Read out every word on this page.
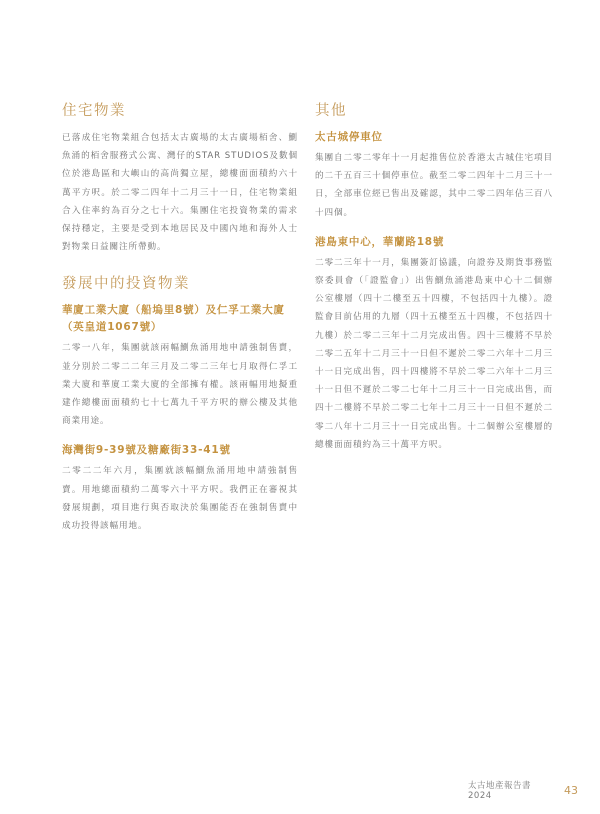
住宅物業

已落成住宅物業組合包括太古廣場的太古廣場栢舍、鰂魚涌的栢舍服務式公寓、灣仔的STAR STUDIOS及數個位於港島區和大嶼山的高尚獨立屋，總樓面面積約六十萬平方呎。於二零二四年十二月三十一日，住宅物業組合入住率約為百分之七十六。集團住宅投資物業的需求保持穩定，主要是受到本地居民及中國內地和海外人士對物業日益關注所帶動。

發展中的投資物業
華廈工業大廈（船塢里8號）及仁孚工業大廈（英皇道1067號）

二零一八年，集團就該兩幅鰂魚涌用地申請強制售賣，並分別於二零二二年三月及二零二三年七月取得仁孚工業大廈和華廈工業大廈的全部擁有權。該兩幅用地擬重建作總樓面面積約七十七萬九千平方呎的辦公樓及其他商業用途。

海灣街9-39號及糖廠街33-41號

二零二二年六月，集團就該幅鰂魚涌用地申請強制售賣。用地總面積約二萬零六十平方呎。我們正在審視其發展規劃，項目進行與否取決於集團能否在強制售賣中成功投得該幅用地。

其他
太古城停車位

集團自二零二零年十一月起推售位於香港太古城住宅項目的二千五百三十個停車位。截至二零二四年十二月三十一日，全部車位經已售出及確認，其中二零二四年佔三百八十四個。

港島東中心，華蘭路18號

二零二三年十一月，集團簽訂協議，向證券及期貨事務監察委員會（「證監會」）出售鰂魚涌港島東中心十二個辦公室樓層（四十二樓至五十四樓，不包括四十九樓）。證監會目前佔用的九層（四十五樓至五十四樓，不包括四十九樓）於二零二三年十二月完成出售。四十三樓將不早於二零二五年十二月三十一日但不遲於二零二六年十二月三十一日完成出售，四十四樓將不早於二零二六年十二月三十一日但不遲於二零二七年十二月三十一日完成出售，而四十二樓將不早於二零二七年十二月三十一日但不遲於二零二八年十二月三十一日完成出售。十二個辦公室樓層的總樓面面積約為三十萬平方呎。

太古地產報告書2024	43
